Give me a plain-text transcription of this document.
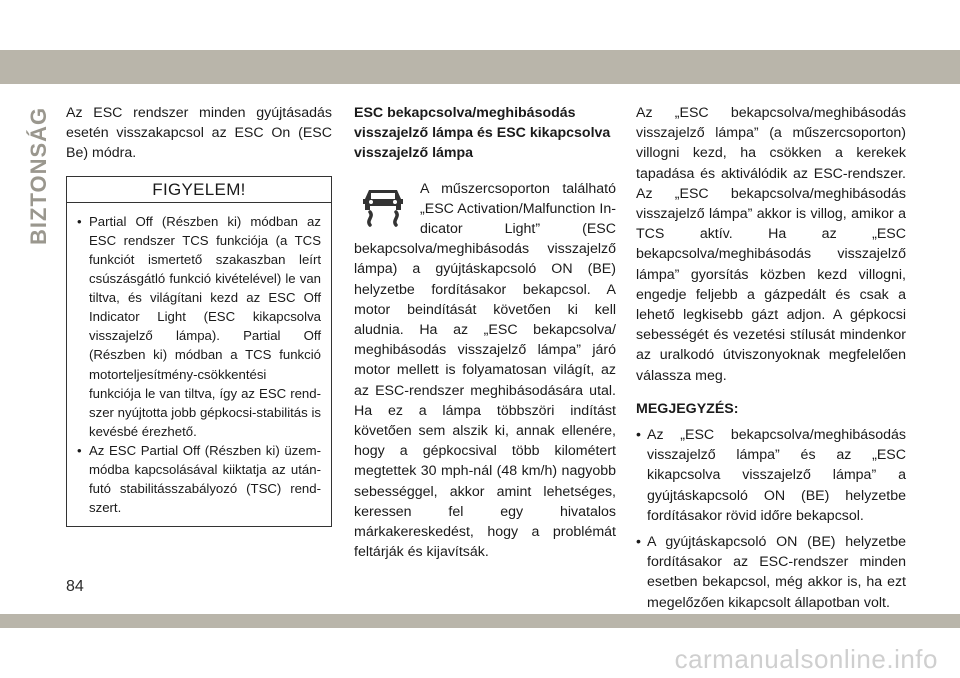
BIZTONSÁG Az ESC rendszer minden gyújtásadás esetén visszakapcsol az ESC On (ESC Be) módra.

FIGYELEM!
• Partial Off (Részben ki) módban az ESC rendszer TCS funkciója (a TCS funkciót ismertető szakaszban leírt csúszásgátló funkció kivételével) le van tiltva, és világítani kezd az ESC Off Indicator Light (ESC kikapcsolva visszajelző lámpa). Partial Off (Részben ki) módban a TCS funkció motorteljesítmény-csökkentési funkciója le van tiltva, így az ESC rendszer nyújtotta jobb gépkocsi-stabilitás is kevésbé érezhető.
• Az ESC Partial Off (Részben ki) üzemmódba kapcsolásával kiiktatja az utánfutó stabilitásszabályozó (TSC) rendszert.

ESC bekapcsolva/meghibásodás visszajelző lámpa és ESC kikapcsolva visszajelző lámpa

A műszercsoporton található „ESC Activation/Malfunction Indicator Light” (ESC bekapcsolva/meghibásodás visszajelző lámpa) a gyújtáskapcsoló ON (BE) helyzetbe fordításakor bekapcsol. A motor beindítását követően ki kell aludnia. Ha az „ESC bekapcsolva/ meghibásodás visszajelző lámpa” járó motor mellett is folyamatosan világít, az az ESC-rendszer meghibásodására utal. Ha ez a lámpa többszöri indítást követően sem alszik ki, annak ellenére, hogy a gépkocsival több kilométert megtettek 30 mph-nál (48 km/h) nagyobb sebességgel, akkor amint lehetséges, keressen fel egy hivatalos márkakereskedést, hogy a problémát feltárják és kijavítsák.

Az „ESC bekapcsolva/meghibásodás visszajelző lámpa” (a műszercsoporton) villogni kezd, ha csökken a kerekek tapadása és aktiválódik az ESC-rendszer. Az „ESC bekapcsolva/meghibásodás visszajelző lámpa” akkor is villog, amikor a TCS aktív. Ha az „ESC bekapcsolva/meghibásodás visszajelző lámpa” gyorsítás közben kezd villogni, engedje feljebb a gázpedált és csak a lehető legkisebb gázt adjon. A gépkocsi sebességét és vezetési stílusát mindenkor az uralkodó útviszonyoknak megfelelően válassza meg.

MEGJEGYZÉS:

• Az „ESC bekapcsolva/meghibásodás visszajelző lámpa” és az „ESC kikapcsolva visszajelző lámpa” a gyújtáskapcsoló ON (BE) helyzetbe fordításakor rövid időre bekapcsol.
• A gyújtáskapcsoló ON (BE) helyzetbe fordításakor az ESC-rendszer minden esetben bekapcsol, még akkor is, ha ezt megelőzően kikapcsolt állapotban volt.
84
carmanualsonline.info
